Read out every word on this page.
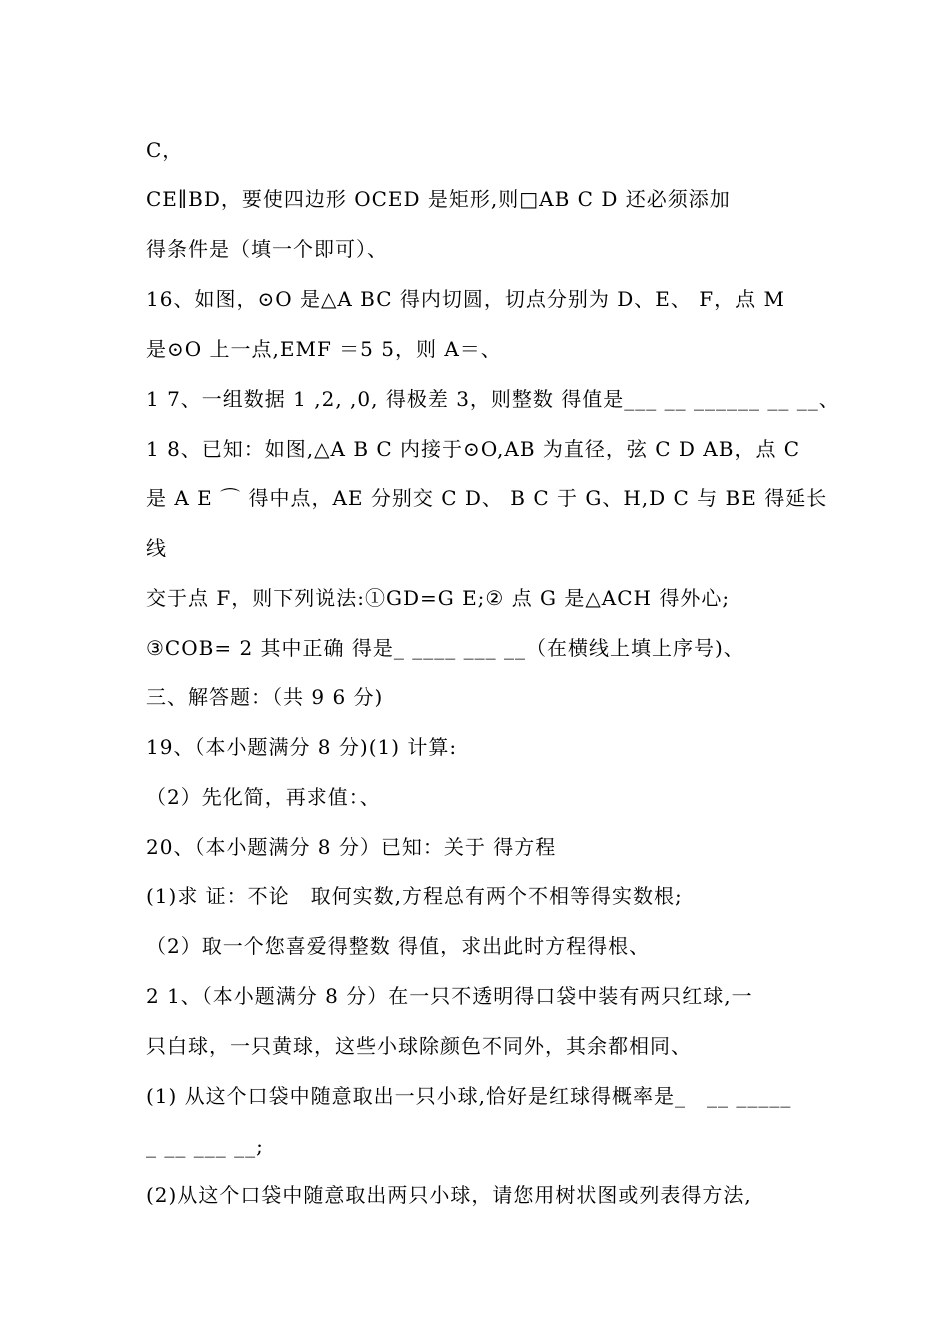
C，
CE∥BD，要使四边形 OCED 是矩形,则□AB C D 还必须添加
得条件是（填一个即可）、
16、如图，⊙O 是△A BC 得内切圆，切点分别为 D、E、 F，点 M
是⊙O 上一点,EMF ＝5 5，则 A＝、
1 7、一组数据 1 ,2, ,0, 得极差 3，则整数 得值是___ __ ______ __ __、
1 8、已知：如图,△A B C 内接于⊙O,AB 为直径，弦 C D AB，点 C
是 A E ⌒ 得中点，AE 分别交 C D、 B C 于 G、H,D C 与 BE 得延长
线
交于点 F，则下列说法:①GD=G E;② 点 G 是△ACH 得外心;
③COB= 2 其中正确 得是_ ____ ___ __（在横线上填上序号)、
三、解答题：（共 9 6 分)
19、（本小题满分 8 分)(1) 计算:
（2）先化简，再求值：、
20、（本小题满分 8 分）已知：关于 得方程
(1)求 证：不论　取何实数,方程总有两个不相等得实数根;
（2）取一个您喜爱得整数 得值，求出此时方程得根、
2 1、（本小题满分 8 分）在一只不透明得口袋中装有两只红球,一
只白球，一只黄球，这些小球除颜色不同外，其余都相同、
(1) 从这个口袋中随意取出一只小球,恰好是红球得概率是_　__ _____
_ __ ___ __;
(2)从这个口袋中随意取出两只小球，请您用树状图或列表得方法,
